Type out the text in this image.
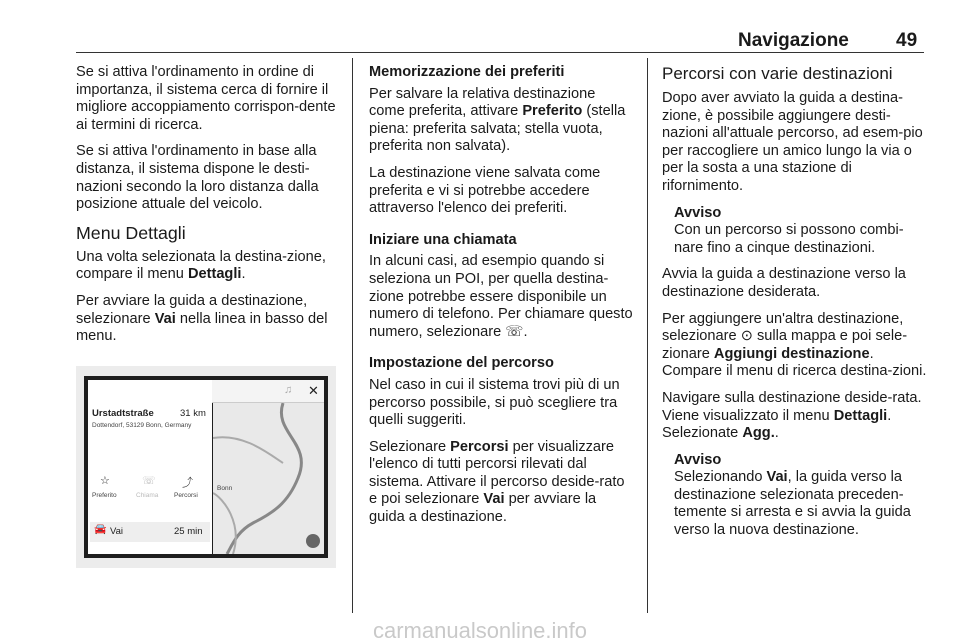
Navigazione 49

Se si attiva l'ordinamento in ordine di importanza, il sistema cerca di fornire il migliore accoppiamento corrispon-dente ai termini di ricerca.

Se si attiva l'ordinamento in base alla distanza, il sistema dispone le desti-nazioni secondo la loro distanza dalla posizione attuale del veicolo.

Menu Dettagli

Una volta selezionata la destina-zione, compare il menu Dettagli.

Per avviare la guida a destinazione, selezionare Vai nella linea in basso del menu.

♫ ✕
Urstadtstraße	31 km
Dottendorf, 53129 Bonn, Germany
☆
Preferito
☏
Chiama
⤴
Percorsi
🚘 Vai	25 min
Bonn
Memorizzazione dei preferiti

Per salvare la relativa destinazione come preferita, attivare Preferito (stella piena: preferita salvata; stella vuota, preferita non salvata).

La destinazione viene salvata come preferita e vi si potrebbe accedere attraverso l'elenco dei preferiti.

Iniziare una chiamata

In alcuni casi, ad esempio quando si seleziona un POI, per quella destina-zione potrebbe essere disponibile un numero di telefono. Per chiamare questo numero, selezionare ☏.

Impostazione del percorso

Nel caso in cui il sistema trovi più di un percorso possibile, si può scegliere tra quelli suggeriti.

Selezionare Percorsi per visualizzare l'elenco di tutti percorsi rilevati dal sistema. Attivare il percorso deside-rato e poi selezionare Vai per avviare la guida a destinazione.

Percorsi con varie destinazioni

Dopo aver avviato la guida a destina-zione, è possibile aggiungere desti-nazioni all'attuale percorso, ad esem-pio per raccogliere un amico lungo la via o per la sosta a una stazione di rifornimento.

Avviso
Con un percorso si possono combi-nare fino a cinque destinazioni.

Avvia la guida a destinazione verso la destinazione desiderata.

Per aggiungere un'altra destinazione, selezionare ⊙ sulla mappa e poi sele-zionare Aggiungi destinazione. Compare il menu di ricerca destina-zioni.

Navigare sulla destinazione deside-rata. Viene visualizzato il menu Dettagli. Selezionate Agg..

Avviso
Selezionando Vai, la guida verso la destinazione selezionata preceden-temente si arresta e si avvia la guida verso la nuova destinazione.
carmanualsonline.info
